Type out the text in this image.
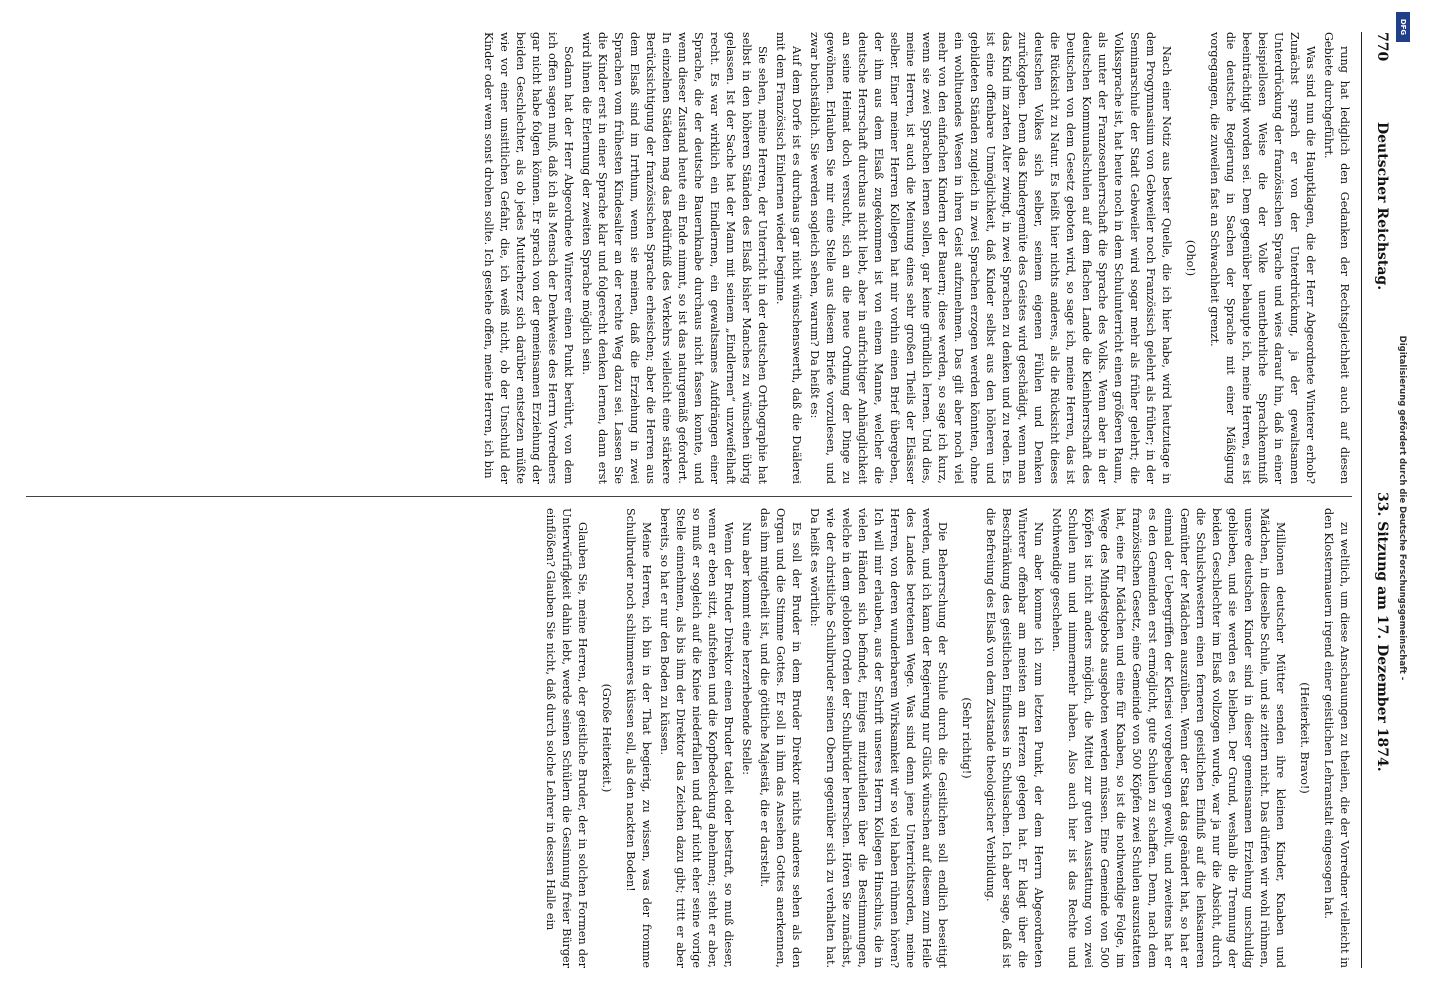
770
Deutscher Reichstag.
33. Sitzung am 17. Dezember 1874.

rung hat lediglich den Gedanken der Rechtsgleichheit auch auf diesen Gebiete durchgeführt.

Was sind nun die Hauptklagen, die der Herr Abgeordnete Winterer erhob? Zunächst sprach er von der Unterdrückung, ja der gewaltsamen Unterdrückung der französischen Sprache und wies darauf hin, daß in einer beispiellosen Weise die der Volke unentbehrliche Sprachkenntniß beeinträchtigt worden sei. Dem gegenüber behaupte ich, meine Herren, es ist die deutsche Regierung in Sachen der Sprache mit einer Mäßigung vorgegangen, die zuweilen fast an Schwachheit grenzt.

(Oho!)

Nach einer Notiz aus bester Quelle, die ich hier habe, wird heutzutage in dem Progymnasium von Gebweiler noch Französisch gelehrt als früher; in der Seminarschule der Stadt Gebweiler wird sogar mehr als früher gelehrt; die Volkssprache ist, hat heute noch in dem Schulunterricht einen größeren Raum, als unter der Franzosenherrschaft die Sprache des Volks. Wenn aber in der deutschen Kommunalschulen auf dem flachen Lande die Kleinherrschaft des Deutschen von dem Gesetz geboten wird, so sage ich, meine Herren, das ist die Rücksicht zu Natur. Es heißt hier nichts anderes, als die Rücksicht dieses deutschen Volkes sich selber, seinem eigenen Fühlen und Denken zurückgeben. Denn das Kindergemüte des Geistes wird geschädigt, wenn man das Kind im zarten Alter zwingt, in zwei Sprachen zu denken und zu reden. Es ist eine offenbare Unmöglichkeit, daß Kinder selbst aus den höheren und gebildeten Ständen zugleich in zwei Sprachen erzogen werden könnten, ohne ein wohltuendes Wesen in ihren Geist aufzunehmen. Das gilt aber noch viel mehr von den einfachen Kindern der Bauern; diese werden, so sage ich kurz, wenn sie zwei Sprachen lernen sollen, gar keine gründlich lernen. Und dies, meine Herren, ist auch die Meinung eines sehr großen Theils der Elsässer selber. Einer meiner Herren Kollegen hat mir vorhin einen Brief übergeben, der ihm aus dem Elsaß zugekommen ist von einem Manne, welcher die deutsche Herrschaft durchaus nicht liebt, aber in aufrichtiger Anhänglichkeit an seine Heimat doch versucht, sich an die neue Ordnung der Dinge zu gewöhnen. Erlauben Sie mir eine Stelle aus diesem Briefe vorzulesen, und zwar buchstäblich. Sie werden sogleich sehen, warum? Da heißt es:

Auf dem Dorfe ist es durchaus gar nicht wünschenswerth, daß die Duälerei mit dem Französisch Einlernen wieder beginne.

Sie sehen, meine Herren, der Unterricht in der deutschen Orthographie hat selbst in den höheren Ständen des Elsaß bisher Manches zu wünschen übrig gelassen. Ist der Sache hat der Mann mit seinem „Eindlernen“ unzweifelhaft recht. Es war wirklich ein Eindlernen, ein gewaltsames Aufdrängen einer Sprache, die der deutsche Bauernknabe durchaus nicht fassen konnte, und wenn dieser Zustand heute ein Ende nimmt, so ist das naturgemäß gefordert. In einzelnen Städten mag das Bedürfniß des Verkehrs vielleicht eine stärkere Berücksichtigung der französischen Sprache erheischen; aber die Herren aus dem Elsaß sind im Irrthum, wenn sie meinen, daß die Erziehung in zwei Sprachen vom frühesten Kindesalter an der rechte Weg dazu sei. Lassen Sie die Kinder erst in einer Sprache klar und folgerecht denken lernen, dann erst wird ihnen die Erlernung der zweiten Sprache möglich sein.

Sodann hat der Herr Abgeordnete Winterer einen Punkt berührt, von dem ich offen sagen muß, daß ich als Mensch der Denkweise des Herrn Vorredners gar nicht habe folgen können. Er sprach von der gemeinsamen Erziehung der beiden Geschlechter, als ob jedes Mutterherz sich darüber entsetzen müßte wie vor einer unsittlichen Gefahr, die, ich weiß nicht, ob der Unschuld der Kinder oder wem sonst drohen sollte. Ich gestehe offen, meine Herren, ich bin

zu weltlich, um diese Anschauungen zu theilen, die der Vorredner vielleicht in den Klostermauern irgend einer geistlichen Lehranstalt eingesogen hat.

(Heiterkeit. Bravo!)

Millionen deutscher Mütter senden ihre kleinen Kinder, Knaben und Mädchen, in dieselbe Schule, und sie zittern nicht. Das dürfen wir wohl rühmen, unsere deutschen Kinder sind in dieser gemeinsamen Erziehung unschuldig geblieben, und sie werden es bleiben. Der Grund, weshalb die Trennung der beiden Geschlechter im Elsaß vollzogen wurde, war ja nur die Absicht, durch die Schulschwestern einen ferneren geistlichen Einfluß auf die lenksameren Gemüther der Mädchen auszuüben. Wenn der Staat das geändert hat, so hat er einmal der Uebergriffen der Klerisei vorgebeugen gewollt, und zweitens hat er es den Gemeinden erst ermöglicht, gute Schulen zu schaffen. Denn, nach dem französischen Gesetz, eine Gemeinde von 500 Köpfen zwei Schulen auszustatten hat, eine für Mädchen und eine für Knaben, so ist die nothwendige Folge, im Wege des Mindestgebots ausgeboten werden müssen. Eine Gemeinde von 500 Köpfen ist nicht anders möglich, die Mittel zur guten Ausstattung von zwei Schulen nun und nimmermehr haben. Also auch hier ist das Rechte und Nothwendige geschehen.

Nun aber komme ich zum letzten Punkt, der dem Herrn Abgeordneten Winterer offenbar am meisten am Herzen gelegen hat. Er klagt über die Beschränkung des geistlichen Einflusses in Schulsachen. Ich aber sage, daß ist die Befreiung des Elsaß von dem Zustande theologischer Verbildung.

(Sehr richtig!)

Die Beherrschung der Schule durch die Geistlichen soll endlich beseitigt werden, und ich kann der Regierung nur Glück wünschen auf diesem zum Heile des Landes betretenen Wege. Was sind denn jene Unterrichtsorden, meine Herren, von deren wunderbarem Wirksamkeit wir so viel haben rühmen hören? Ich will mir erlauben, aus der Schrift unseres Herrn Kollegen Hinschius, die in vielen Händen sich befindet, Einiges mitzutheilen über die Bestimmungen, welche in dem gelobten Orden der Schulbrüder herrschen. Hören Sie zunächst, wie der christliche Schulbruder seinen Obern gegenüber sich zu verhalten hat. Da heißt es wörtlich:

Es soll der Bruder in dem Bruder Direktor nichts anderes sehen als den Organ und die Stimme Gottes. Er soll in ihm das Ansehen Gottes anerkennen, das ihm mitgetheilt ist, und die göttliche Majestät, die er darstellt.

Nun aber kommt eine herzerhebende Stelle:

Wenn der Bruder Direktor einen Bruder tadelt oder bestraft, so muß dieser, wenn er eben sitzt, aufstehen und die Kopfbedeckung abnehmen; steht er aber, so muß er sogleich auf die Kniee niederfallen und darf nicht eher seine vorige Stelle einnehmen, als bis ihm der Direktor das Zeichen dazu gibt; tritt er aber bereits, so hat er nur den Boden zu küssen.

Meine Herren, ich bin in der That begierig, zu wissen, was der fromme Schulbruder noch schlimmeres küssen soll, als den nackten Boden!

(Große Heiterkeit.)

Glauben Sie, meine Herren, der geistliche Bruder, der in solchen Formen der Unterwürfigkeit dahin lebt, werde seinen Schülern die Gesinnung freier Bürger einflößen? Glauben Sie nicht, daß durch solche Lehrer in dessen Halle ein	Digitalisierung gefördert durch die Deutsche Forschungsgemeinschaft -
DFG
